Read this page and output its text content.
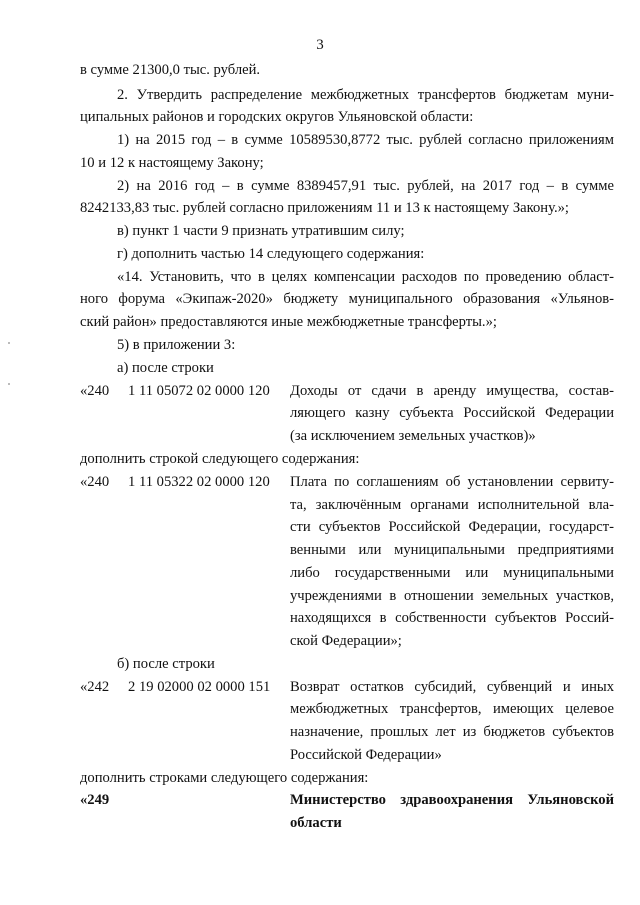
3
в сумме 21300,0 тыс. рублей.
2. Утвердить распределение межбюджетных трансфертов бюджетам муни-
ципальных районов и городских округов Ульяновской области:
1) на 2015 год – в сумме 10589530,8772 тыс. рублей согласно приложениям
10 и 12 к настоящему Закону;
2) на 2016 год – в сумме 8389457,91 тыс. рублей, на 2017 год – в сумме
8242133,83 тыс. рублей согласно приложениям 11 и 13 к настоящему Закону.»;
в) пункт 1 части 9 признать утратившим силу;
г) дополнить частью 14 следующего содержания:
«14. Установить, что в целях компенсации расходов по проведению област-
ного форума «Экипаж-2020» бюджету муниципального образования «Ульянов-
ский район» предоставляются иные межбюджетные трансферты.»;
5) в приложении 3:
а) после строки
«240 1 11 05072 02 0000 120 Доходы от сдачи в аренду имущества, состав-
ляющего казну субъекта Российской Федерации
(за исключением земельных участков)»
дополнить строкой следующего содержания:
«240 1 11 05322 02 0000 120 Плата по соглашениям об установлении сервиту-
та, заключённым органами исполнительной вла-
сти субъектов Российской Федерации, государст-
венными или муниципальными предприятиями
либо государственными или муниципальными
учреждениями в отношении земельных участков,
находящихся в собственности субъектов Россий-
ской Федерации»;
б) после строки
«242 2 19 02000 02 0000 151 Возврат остатков субсидий, субвенций и иных
межбюджетных трансфертов, имеющих целевое
назначение, прошлых лет из бюджетов субъектов
Российской Федерации»
дополнить строками следующего содержания:
«249	Министерство здравоохранения Ульяновской
области
